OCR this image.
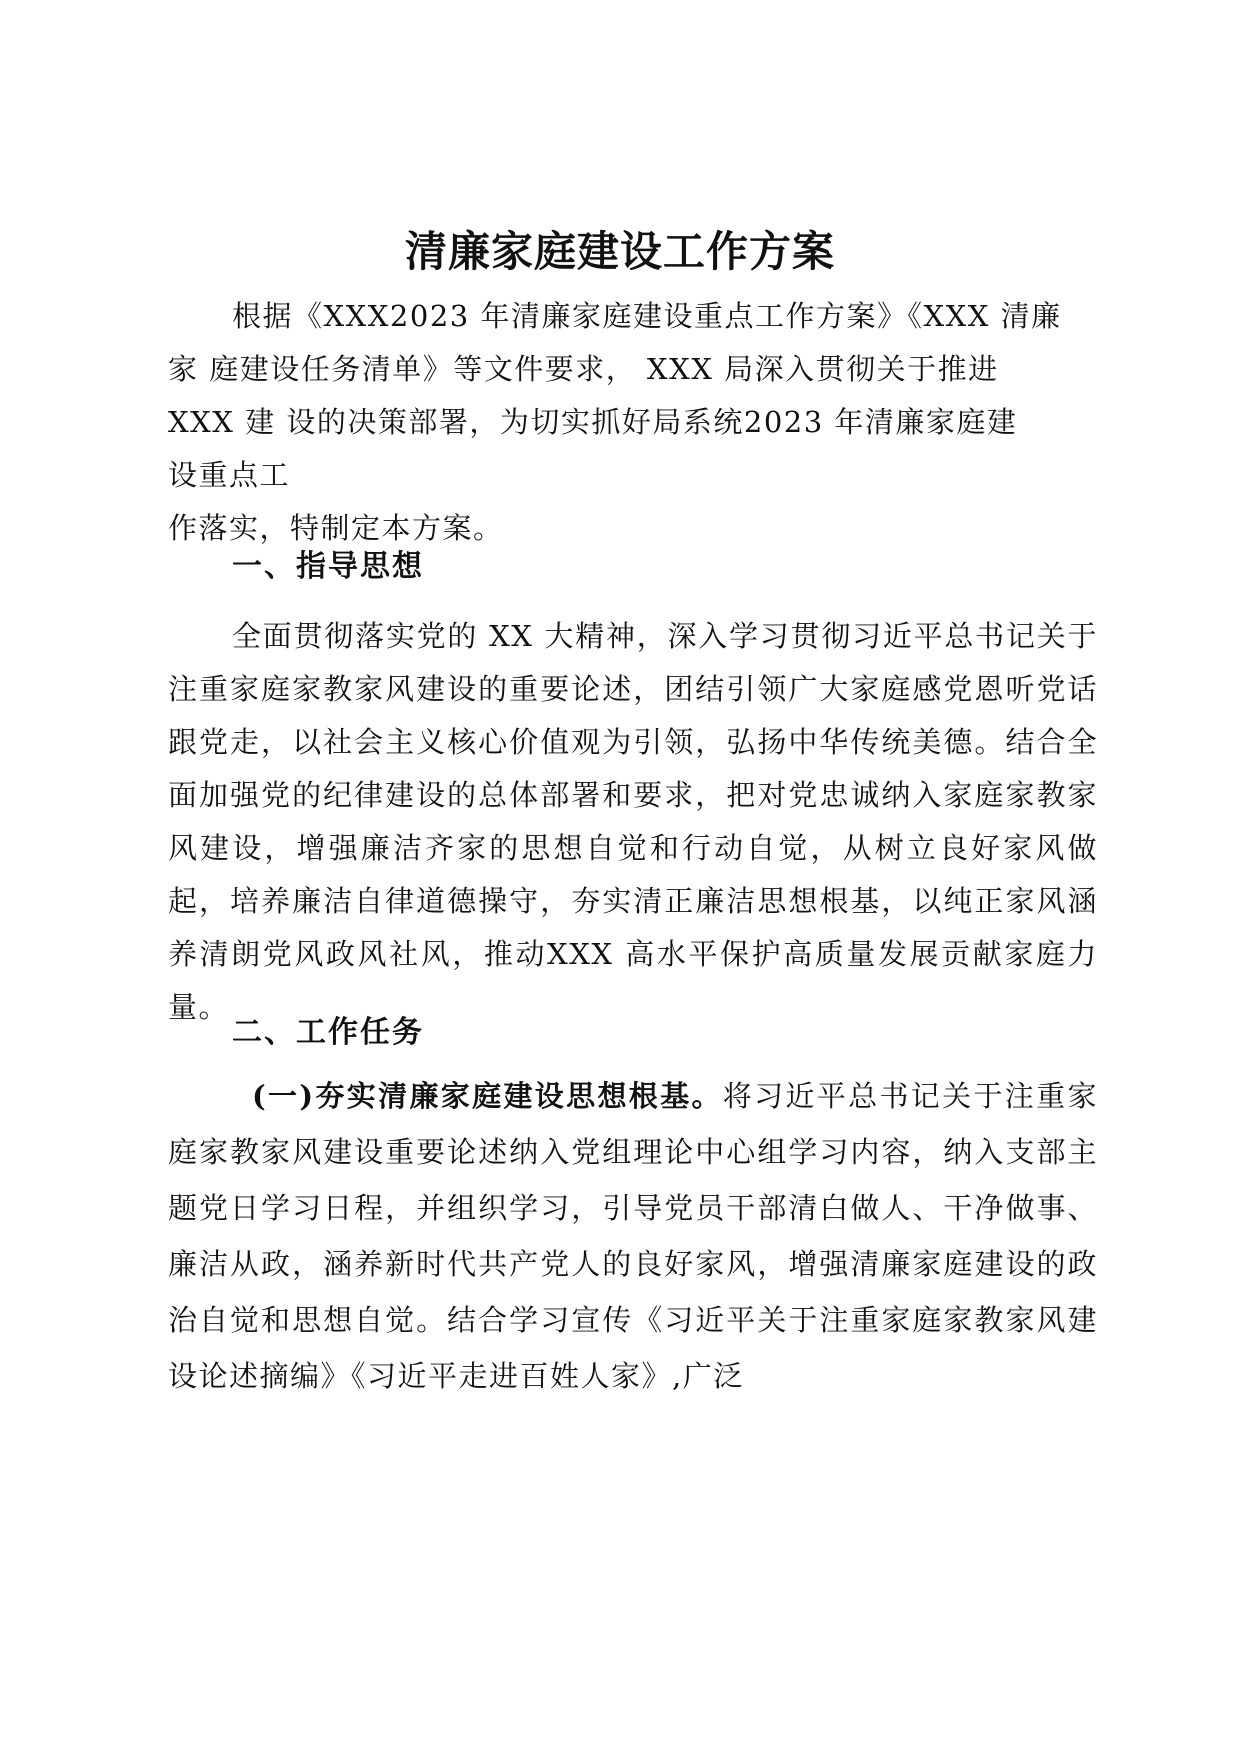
清廉家庭建设工作方案
根据《XXX2023 年清廉家庭建设重点工作方案》《XXX 清廉
家 庭建设任务清单》等文件要求， XXX 局深入贯彻关于推进
XXX 建 设的决策部署，为切实抓好局系统2023 年清廉家庭建
设重点工
作落实，特制定本方案。
一、指导思想
全面贯彻落实党的 XX 大精神，深入学习贯彻习近平总书记关于注重家庭家教家风建设的重要论述，团结引领广大家庭感党恩听党话跟党走，以社会主义核心价值观为引领，弘扬中华传统美德。结合全面加强党的纪律建设的总体部署和要求，把对党忠诚纳入家庭家教家风建设，增强廉洁齐家的思想自觉和行动自觉，从树立良好家风做起，培养廉洁自律道德操守，夯实清正廉洁思想根基，以纯正家风涵养清朗党风政风社风，推动XXX 高水平保护高质量发展贡献家庭力量。
二、工作任务
(一)夯实清廉家庭建设思想根基。将习近平总书记关于注重家庭家教家风建设重要论述纳入党组理论中心组学习内容，纳入支部主题党日学习日程，并组织学习，引导党员干部清白做人、干净做事、廉洁从政，涵养新时代共产党人的良好家风，增强清廉家庭建设的政治自觉和思想自觉。结合学习宣传《习近平关于注重家庭家教家风建设论述摘编》《习近平走进百姓人家》,广泛
